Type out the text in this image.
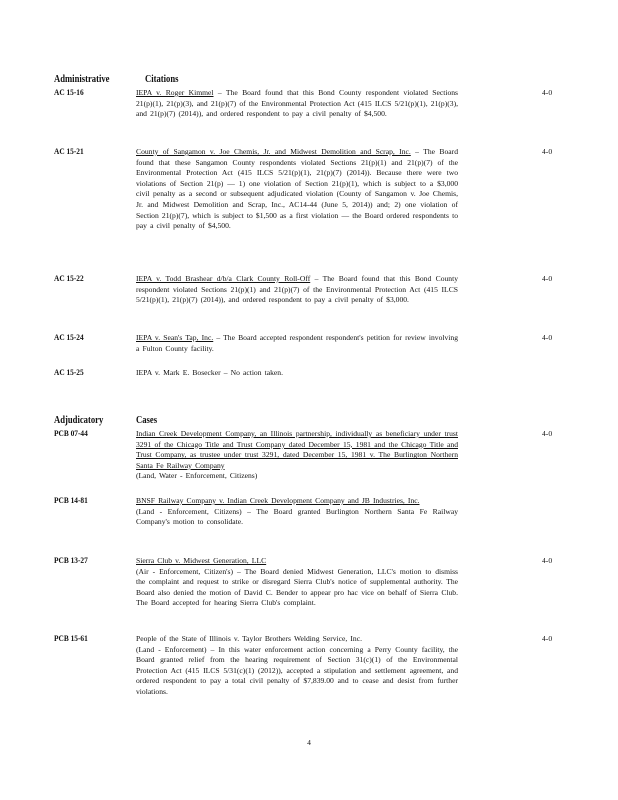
Administrative	Citations
AC 15-16	IEPA v. Roger Kimmel – The Board found that this Bond County respondent violated Sections 21(p)(1), 21(p)(3), and 21(p)(7) of the Environmental Protection Act (415 ILCS 5/21(p)(1), 21(p)(3), and 21(p)(7) (2014)), and ordered respondent to pay a civil penalty of $4,500.
4-0
AC 15-21	County of Sangamon v. Joe Chemis, Jr. and Midwest Demolition and Scrap, Inc. – The Board found that these Sangamon County respondents violated Sections 21(p)(1) and 21(p)(7) of the Environmental Protection Act (415 ILCS 5/21(p)(1), 21(p)(7) (2014)). Because there were two violations of Section 21(p) — 1) one violation of Section 21(p)(1), which is subject to a $3,000 civil penalty as a second or subsequent adjudicated violation (County of Sangamon v. Joe Chemis, Jr. and Midwest Demolition and Scrap, Inc., AC14-44 (June 5, 2014)) and; 2) one violation of Section 21(p)(7), which is subject to $1,500 as a first violation — the Board ordered respondents to pay a civil penalty of $4,500.
4-0
AC 15-22	IEPA v. Todd Brashear d/b/a Clark County Roll-Off – The Board found that this Bond County respondent violated Sections 21(p)(1) and 21(p)(7) of the Environmental Protection Act (415 ILCS 5/21(p)(1), 21(p)(7) (2014)), and ordered respondent to pay a civil penalty of $3,000.
4-0
AC 15-24	IEPA v. Sean's Tap, Inc. – The Board accepted respondent respondent's petition for review involving a Fulton County facility.
4-0
AC 15-25	IEPA v. Mark E. Bosecker – No action taken.
Adjudicatory	Cases
PCB 07-44	Indian Creek Development Company, an Illinois partnership, individually as beneficiary under trust 3291 of the Chicago Title and Trust Company dated December 15, 1981 and the Chicago Title and Trust Company, as trustee under trust 3291, dated December 15, 1981 v. The Burlington Northern Santa Fe Railway Company
(Land, Water - Enforcement, Citizens)
4-0
PCB 14-81	BNSF Railway Company v. Indian Creek Development Company and JB Industries, Inc.
(Land - Enforcement, Citizens) – The Board granted Burlington Northern Santa Fe Railway Company's motion to consolidate.
PCB 13-27	Sierra Club v. Midwest Generation, LLC
(Air - Enforcement, Citizen's) – The Board denied Midwest Generation, LLC's motion to dismiss the complaint and request to strike or disregard Sierra Club's notice of supplemental authority. The Board also denied the motion of David C. Bender to appear pro hac vice on behalf of Sierra Club. The Board accepted for hearing Sierra Club's complaint.
4-0
PCB 15-61	People of the State of Illinois v. Taylor Brothers Welding Service, Inc.
(Land - Enforcement) – In this water enforcement action concerning a Perry County facility, the Board granted relief from the hearing requirement of Section 31(c)(1) of the Environmental Protection Act (415 ILCS 5/31(c)(1) (2012)), accepted a stipulation and settlement agreement, and ordered respondent to pay a total civil penalty of $7,839.00 and to cease and desist from further violations.
4-0
4
